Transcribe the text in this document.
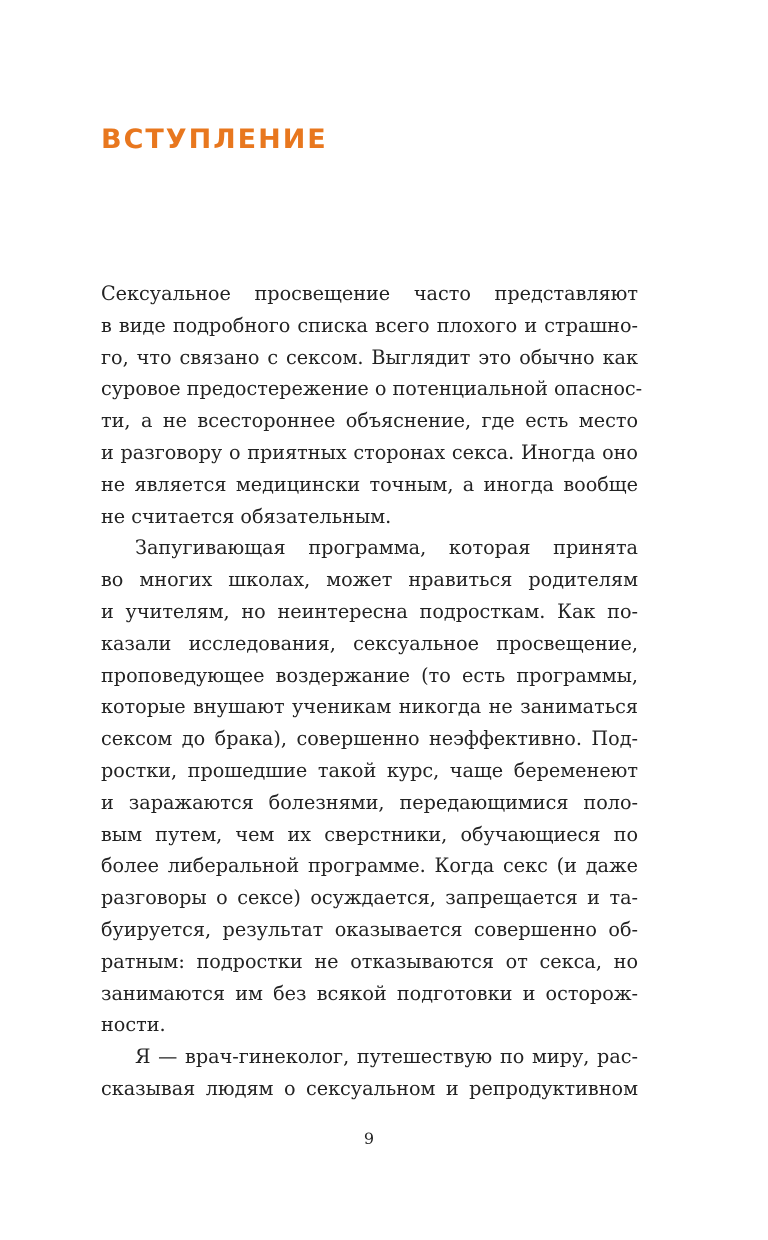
ВСТУПЛЕНИЕ
Сексуальное просвещение часто представляют
в виде подробного списка всего плохого и страшно-
го, что связано с сексом. Выглядит это обычно как
суровое предостережение о потенциальной опаснос-
ти, а не всестороннее объяснение, где есть место
и разговору о приятных сторонах секса. Иногда оно
не является медицински точным, а иногда вообще
не считается обязательным.
Запугивающая программа, которая принята
во многих школах, может нравиться родителям
и учителям, но неинтересна подросткам. Как по-
казали исследования, сексуальное просвещение,
проповедующее воздержание (то есть программы,
которые внушают ученикам никогда не заниматься
сексом до брака), совершенно неэффективно. Под-
ростки, прошедшие такой курс, чаще беременеют
и заражаются болезнями, передающимися поло-
вым путем, чем их сверстники, обучающиеся по
более либеральной программе. Когда секс (и даже
разговоры о сексе) осуждается, запрещается и та-
буируется, результат оказывается совершенно об-
ратным: подростки не отказываются от секса, но
занимаются им без всякой подготовки и осторож-
ности.
Я — врач-гинеколог, путешествую по миру, рас-
сказывая людям о сексуальном и репродуктивном
9
